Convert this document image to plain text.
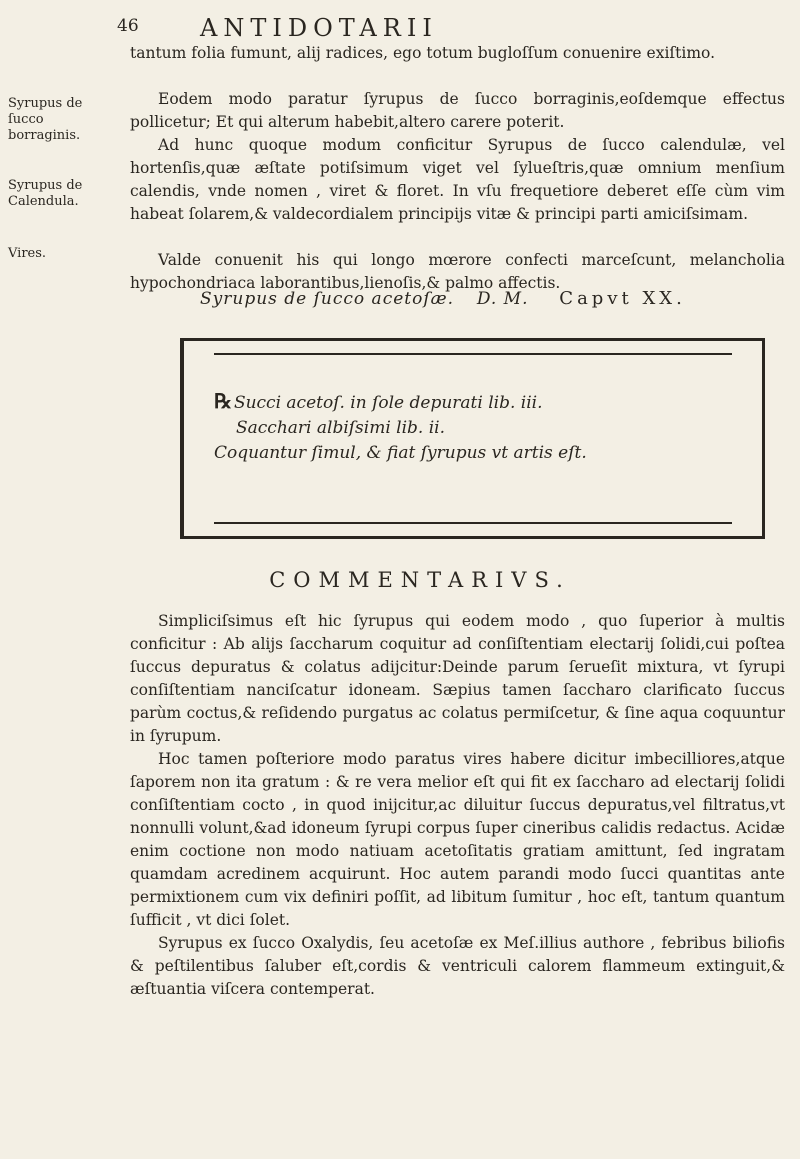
46	ANTIDOTARII
tantum folia fumunt, alij radices, ego totum bugloſſum conuenire exiſtimo.
Syrupus de ſucco borraginis.
Eodem modo paratur ſyrupus de ſucco borraginis,eoſdemque effectus pollicetur; Et qui alterum habebit,altero carere poterit.
Syrupus de Calendula.
Ad hunc quoque modum conficitur Syrupus de ſucco calendulæ, vel hortenſis,quæ æſtate potiſsimum viget vel ſylueſtris,quæ omnium menſium calendis, vnde nomen , viret & floret. In vſu frequetiore deberet eſſe cùm vim habeat ſolarem,& valdecordialem principijs vitæ & principi parti amiciſsimam.
Vires.	Valde conuenit his qui longo mœrore confecti marceſcunt, melancholia hypochondriaca laborantibus,lienoſis,& palmo affectis.
Syrupus de ſucco acetoſæ. D. M. Capvt XX.
℞ Succi acetoſ. in ſole depurati lib. iii.
Sacchari albiſsimi lib. ii.
Coquantur ſimul, & fiat ſyrupus vt artis eſt.
COMMENTARIVS.

Simpliciſsimus eſt hic ſyrupus qui eodem modo , quo ſuperior à multis conficitur : Ab alijs ſaccharum coquitur ad conſiſtentiam electarij ſolidi,cui poſtea ſuccus depuratus & colatus adijcitur:Deinde parum ſerueſit mixtura, vt ſyrupi conſiſtentiam nanciſcatur idoneam. Sæpius tamen ſaccharo clarificato ſuccus parùm coctus,& reſidendo purgatus ac colatus permiſcetur, & ſine aqua coquuntur in ſyrupum.

Hoc tamen poſteriore modo paratus vires habere dicitur imbecilliores,atque ſaporem non ita gratum : & re vera melior eſt qui fit ex ſaccharo ad electarij ſolidi conſiſtentiam cocto , in quod inijcitur,ac diluitur ſuccus depuratus,vel filtratus,vt nonnulli volunt,&ad idoneum ſyrupi corpus ſuper cineribus calidis redactus. Acidæ enim coctione non modo natiuam acetoſitatis gratiam amittunt, ſed ingratam quamdam acredinem acquirunt. Hoc autem parandi modo ſucci quantitas ante permixtionem cum vix definiri poſſit, ad libitum ſumitur , hoc eſt, tantum quantum ſufficit , vt dici ſolet.

Syrupus ex ſucco Oxalydis, ſeu acetoſæ ex Meſ.illius authore , febribus biliofis & peſtilentibus ſaluber eſt,cordis & ventriculi calorem flammeum extinguit,& æſtuantia viſcera contemperat.
